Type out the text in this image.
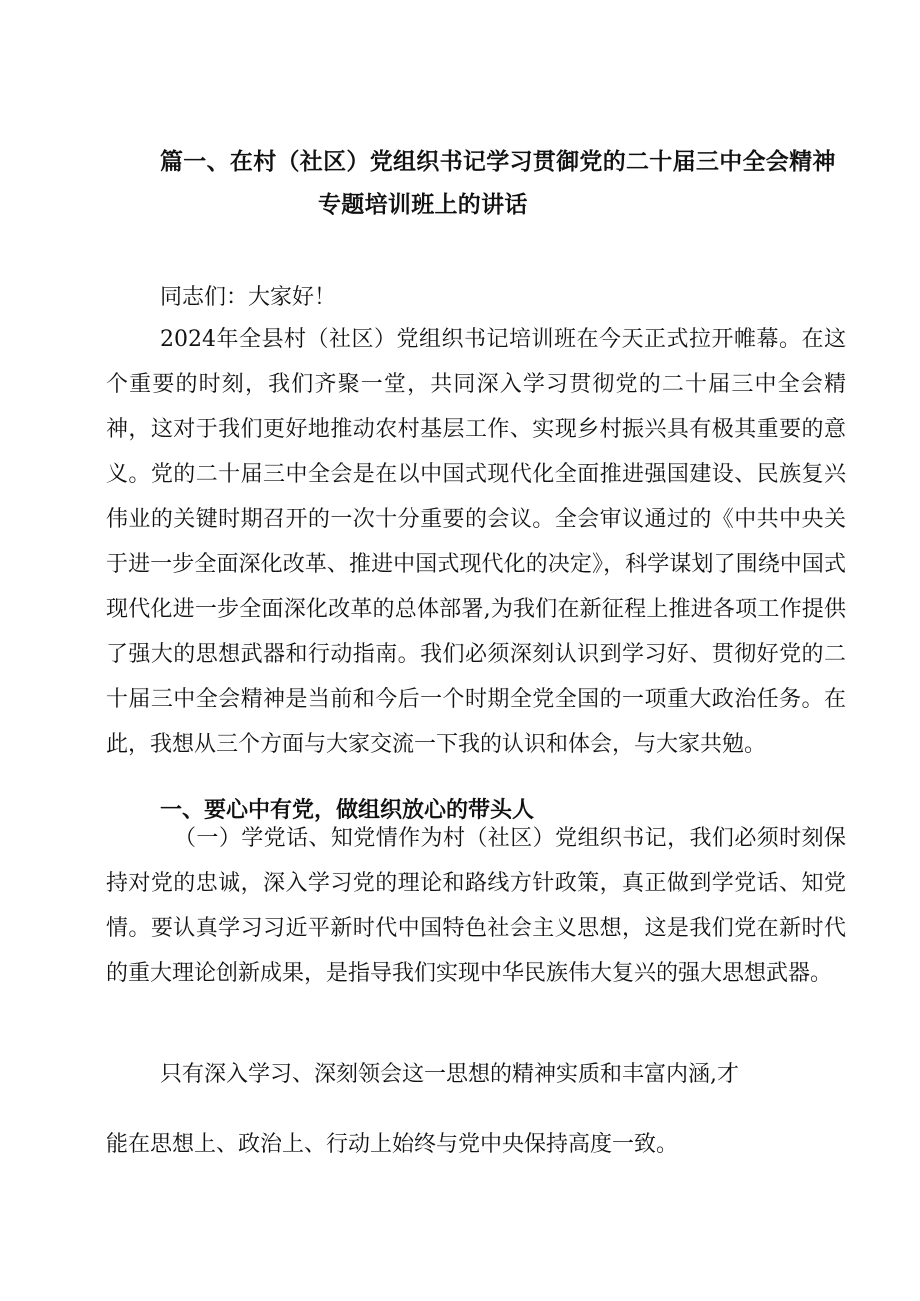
篇一、在村（社区）党组织书记学习贯御党的二十届三中全会精神
专题培训班上的讲话
同志们：大家好！
2024年全县村（社区）党组织书记培训班在今天正式拉开帷幕。在这个重要的时刻，我们齐聚一堂，共同深入学习贯彻党的二十届三中全会精神，这对于我们更好地推动农村基层工作、实现乡村振兴具有极其重要的意义。党的二十届三中全会是在以中国式现代化全面推进强国建设、民族复兴伟业的关键时期召开的一次十分重要的会议。全会审议通过的《中共中央关于进一步全面深化改革、推进中国式现代化的决定》，科学谋划了围绕中国式现代化进一步全面深化改革的总体部署,为我们在新征程上推进各项工作提供了强大的思想武器和行动指南。我们必须深刻认识到学习好、贯彻好党的二十届三中全会精神是当前和今后一个时期全党全国的一项重大政治任务。在此，我想从三个方面与大家交流一下我的认识和体会，与大家共勉。
一、要心中有党，做组织放心的带头人
（一）学党话、知党情作为村（社区）党组织书记，我们必须时刻保持对党的忠诚，深入学习党的理论和路线方针政策，真正做到学党话、知党情。要认真学习习近平新时代中国特色社会主义思想，这是我们党在新时代的重大理论创新成果，是指导我们实现中华民族伟大复兴的强大思想武器。
只有深入学习、深刻领会这一思想的精神实质和丰富内涵,才
能在思想上、政治上、行动上始终与党中央保持高度一致。
